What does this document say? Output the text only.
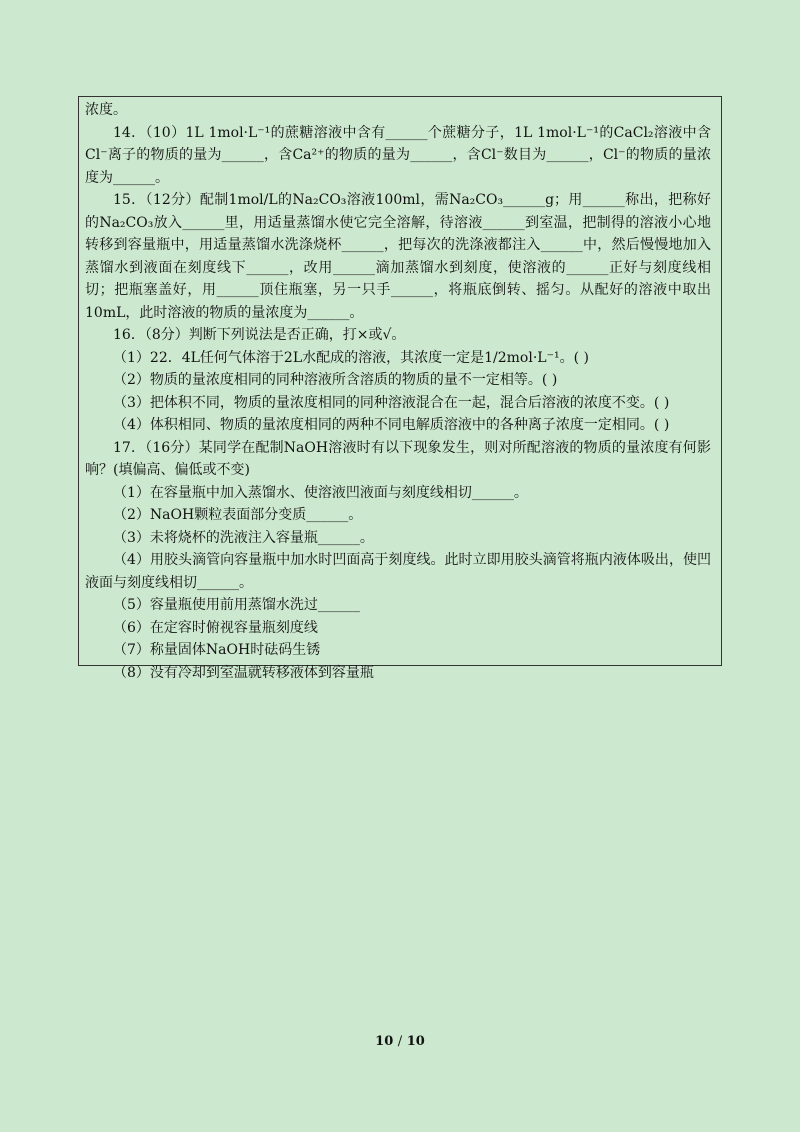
浓度。

14．（10）1L 1mol·L⁻¹的蔗糖溶液中含有______个蔗糖分子，1L 1mol·L⁻¹的CaCl₂溶液中含Cl⁻离子的物质的量为______，含Ca²⁺的物质的量为______，含Cl⁻数目为______，Cl⁻的物质的量浓度为______。

15．（12分）配制1mol/L的Na₂CO₃溶液100ml，需Na₂CO₃______g；用______称出，把称好的Na₂CO₃放入______里，用适量蒸馏水使它完全溶解，待溶液______到室温，把制得的溶液小心地转移到容量瓶中，用适量蒸馏水洗涤烧杯______，把每次的洗涤液都注入______中，然后慢慢地加入蒸馏水到液面在刻度线下______，改用______滴加蒸馏水到刻度，使溶液的______正好与刻度线相切；把瓶塞盖好，用______顶住瓶塞，另一只手______，将瓶底倒转、摇匀。从配好的溶液中取出10mL，此时溶液的物质的量浓度为______。

16．（8分）判断下列说法是否正确，打×或√。

（1）22．4L任何气体溶于2L水配成的溶液，其浓度一定是1/2mol·L⁻¹。( )

（2）物质的量浓度相同的同种溶液所含溶质的物质的量不一定相等。( )

（3）把体积不同，物质的量浓度相同的同种溶液混合在一起，混合后溶液的浓度不变。( )

（4）体积相同、物质的量浓度相同的两种不同电解质溶液中的各种离子浓度一定相同。( )

17．（16分）某同学在配制NaOH溶液时有以下现象发生，则对所配溶液的物质的量浓度有何影响？(填偏高、偏低或不变)

（1）在容量瓶中加入蒸馏水、使溶液凹液面与刻度线相切______。

（2）NaOH颗粒表面部分变质______。

（3）未将烧杯的洗液注入容量瓶______。

（4）用胶头滴管向容量瓶中加水时凹面高于刻度线。此时立即用胶头滴管将瓶内液体吸出，使凹液面与刻度线相切______。

（5）容量瓶使用前用蒸馏水洗过______

（6）在定容时俯视容量瓶刻度线

（7）称量固体NaOH时砝码生锈

（8）没有冷却到室温就转移液体到容量瓶

10 / 10
